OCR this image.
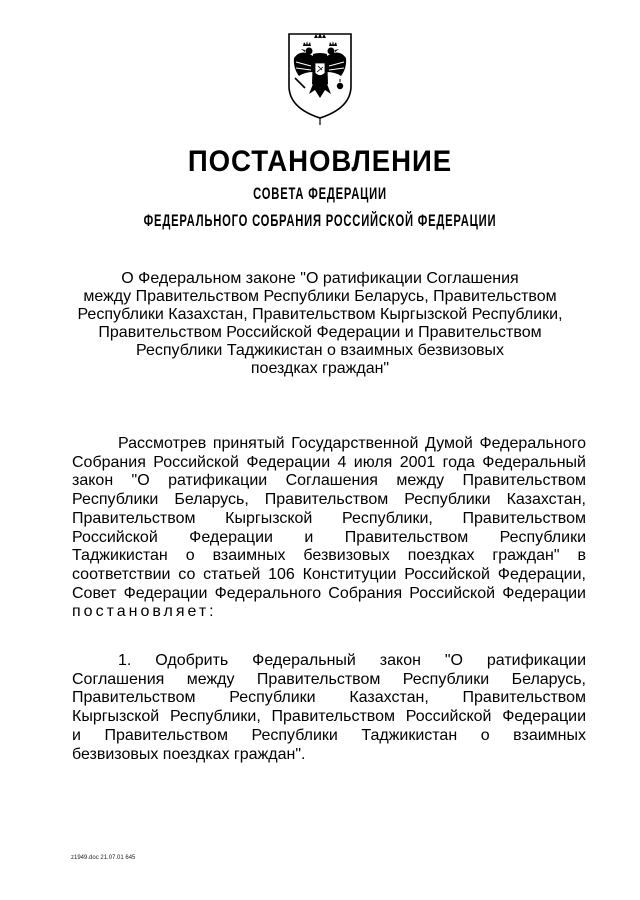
ПОСТАНОВЛЕНИЕ
СОВЕТА ФЕДЕРАЦИИ
ФЕДЕРАЛЬНОГО СОБРАНИЯ РОССИЙСКОЙ ФЕДЕРАЦИИ
О Федеральном законе "О ратификации Соглашения
между Правительством Республики Беларусь, Правительством
Республики Казахстан, Правительством Кыргызской Республики,
Правительством Российской Федерации и Правительством
Республики Таджикистан о взаимных безвизовых
поездках граждан"
Рассмотрев принятый Государственной Думой Федерального
Собрания Российской Федерации 4 июля 2001 года Федеральный
закон "О ратификации Соглашения между Правительством
Республики Беларусь, Правительством Республики Казахстан,
Правительством Кыргызской Республики, Правительством
Российской Федерации и Правительством Республики
Таджикистан о взаимных безвизовых поездках граждан" в
соответствии со статьей 106 Конституции Российской Федерации,
Совет Федерации Федерального Собрания Российской Федерации
постановляет:
1. Одобрить Федеральный закон "О ратификации
Соглашения между Правительством Республики Беларусь,
Правительством Республики Казахстан, Правительством
Кыргызской Республики, Правительством Российской Федерации
и Правительством Республики Таджикистан о взаимных
безвизовых поездках граждан".
z1949.doc 21.07.01 645
